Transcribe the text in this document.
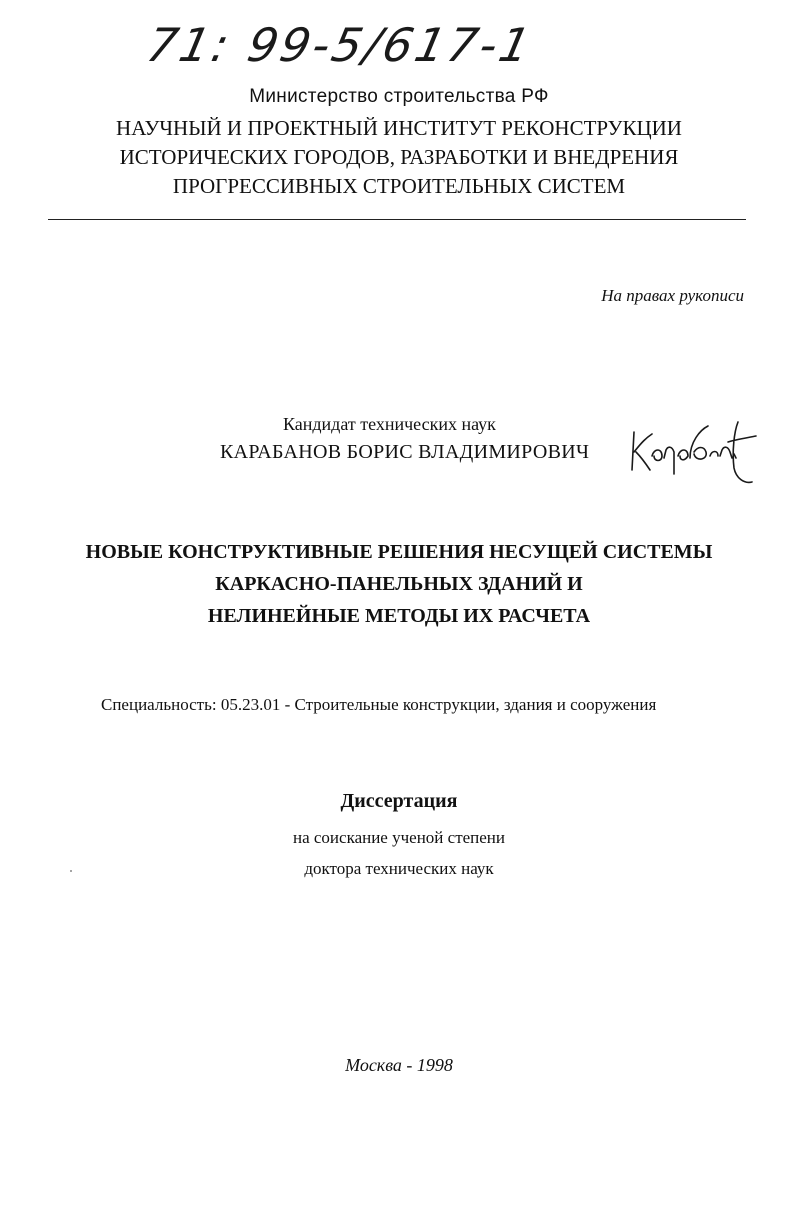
71: 99-5/617-1
Министерство строительства РФ
НАУЧНЫЙ И ПРОЕКТНЫЙ ИНСТИТУТ РЕКОНСТРУКЦИИ
ИСТОРИЧЕСКИХ ГОРОДОВ, РАЗРАБОТКИ И ВНЕДРЕНИЯ
ПРОГРЕССИВНЫХ СТРОИТЕЛЬНЫХ СИСТЕМ
На правах рукописи
Кандидат технических наук
КАРАБАНОВ БОРИС ВЛАДИМИРОВИЧ
НОВЫЕ КОНСТРУКТИВНЫЕ РЕШЕНИЯ НЕСУЩЕЙ СИСТЕМЫ
КАРКАСНО-ПАНЕЛЬНЫХ ЗДАНИЙ И
НЕЛИНЕЙНЫЕ МЕТОДЫ ИХ РАСЧЕТА
Специальность: 05.23.01 - Строительные конструкции, здания и сооружения
Диссертация
на соискание ученой степени
доктора технических наук
Москва - 1998
